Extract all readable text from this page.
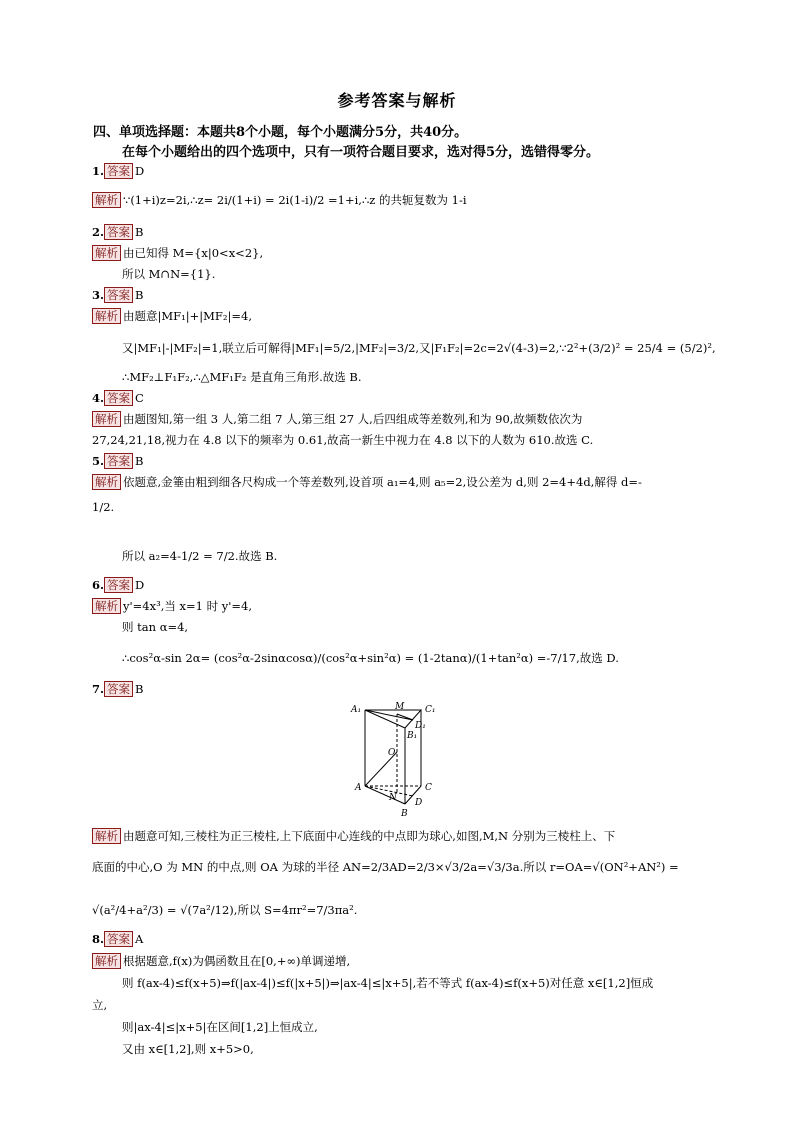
参考答案与解析
四、单项选择题：本题共8个小题，每个小题满分5分，共40分。
在每个小题给出的四个选项中，只有一项符合题目要求，选对得5分，选错得零分。
1. 答案 D
解析 ∵(1+i)z=2i,∴z= 2i/(1+i) = 2i(1-i)/2 =1+i,∴z 的共轭复数为 1-i
2. 答案 B
解析 由已知得 M={x|0<x<2},
所以 M∩N={1}.
3. 答案 B
解析 由题意|MF₁|+|MF₂|=4,
又|MF₁|-|MF₂|=1,联立后可解得|MF₁|=5/2,|MF₂|=3/2,又|F₁F₂|=2c=2√(4-3)=2,∵2²+(3/2)² = 25/4 = (5/2)²,
∴MF₂⊥F₁F₂,∴△MF₁F₂ 是直角三角形.故选 B.
4. 答案 C
解析 由题图知,第一组 3 人,第二组 7 人,第三组 27 人,后四组成等差数列,和为 90,故频数依次为
27,24,21,18,视力在 4.8 以下的频率为 0.61,故高一新生中视力在 4.8 以下的人数为 610.故选 C.
5. 答案 B
解析 依题意,金箠由粗到细各尺构成一个等差数列,设首项 a₁=4,则 a₅=2,设公差为 d,则 2=4+4d,解得 d=-
1/2.
所以 a₂=4-1/2 = 7/2.故选 B.
6. 答案 D
解析 y'=4x³,当 x=1 时 y'=4,
则 tan α=4,
∴cos²α-sin 2α= (cos²α-2sinαcosα)/(cos²α+sin²α) = (1-2tanα)/(1+tan²α) =-7/17,故选 D.
7. 答案 B
A₁	M C₁
D₁
B₁
O
A
N
C
D
B
解析 由题意可知,三棱柱为正三棱柱,上下底面中心连线的中点即为球心,如图,M,N 分别为三棱柱上、下
底面的中心,O 为 MN 的中点,则 OA 为球的半径 AN=2/3AD=2/3×√3/2a=√3/3a.所以 r=OA=√(ON²+AN²) =
√(a²/4+a²/3) = √(7a²/12),所以 S=4πr²=7/3πa².
8. 答案 A
解析 根据题意,f(x)为偶函数且在[0,+∞)单调递增,
则 f(ax-4)≤f(x+5)⇒f(|ax-4|)≤f(|x+5|)⇒|ax-4|≤|x+5|,若不等式 f(ax-4)≤f(x+5)对任意 x∈[1,2]恒成
立,
则|ax-4|≤|x+5|在区间[1,2]上恒成立,
又由 x∈[1,2],则 x+5>0,
